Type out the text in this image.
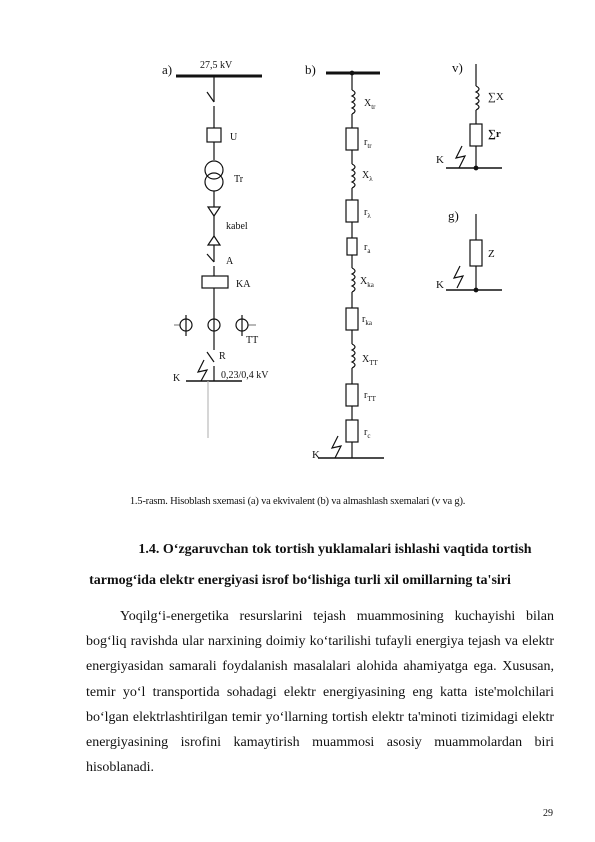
a)	27,5 kV
U
Tr
kabel
A
KA
TT
R
0,23/0,4 kV
K
b)
$X_{tr}$
$r_{tr}$
$X_\lambda$
$r_\lambda$
$r_a$
$X_{ka}$
$r_{ka}$
$X_{TT}$
$r_{TT}$
$r_c$
K
v)
∑X
∑r
K
g)
Z
K
1.5-rasm. Hisoblash sxemasi (a) va ekvivalent (b) va almashlash sxemalari (v va g).
1.4. O‘zgaruvchan tok tortish yuklamalari ishlashi vaqtida tortish
tarmog‘ida elektr energiyasi isrof bo‘lishiga turli xil omillarning ta'siri
Yoqilg‘i-energetika resurslarini tejash muammosining kuchayishi bilan bog‘liq ravishda ular narxining doimiy ko‘tarilishi tufayli energiya tejash va elektr energiyasidan samarali foydalanish masalalari alohida ahamiyatga ega. Xususan, temir yo‘l transportida sohadagi elektr energiyasining eng katta iste'molchilari bo‘lgan elektrlashtirilgan temir yo‘llarning tortish elektr ta'minoti tizimidagi elektr energiyasining isrofini kamaytirish muammosi asosiy muammolardan biri hisoblanadi.
29
